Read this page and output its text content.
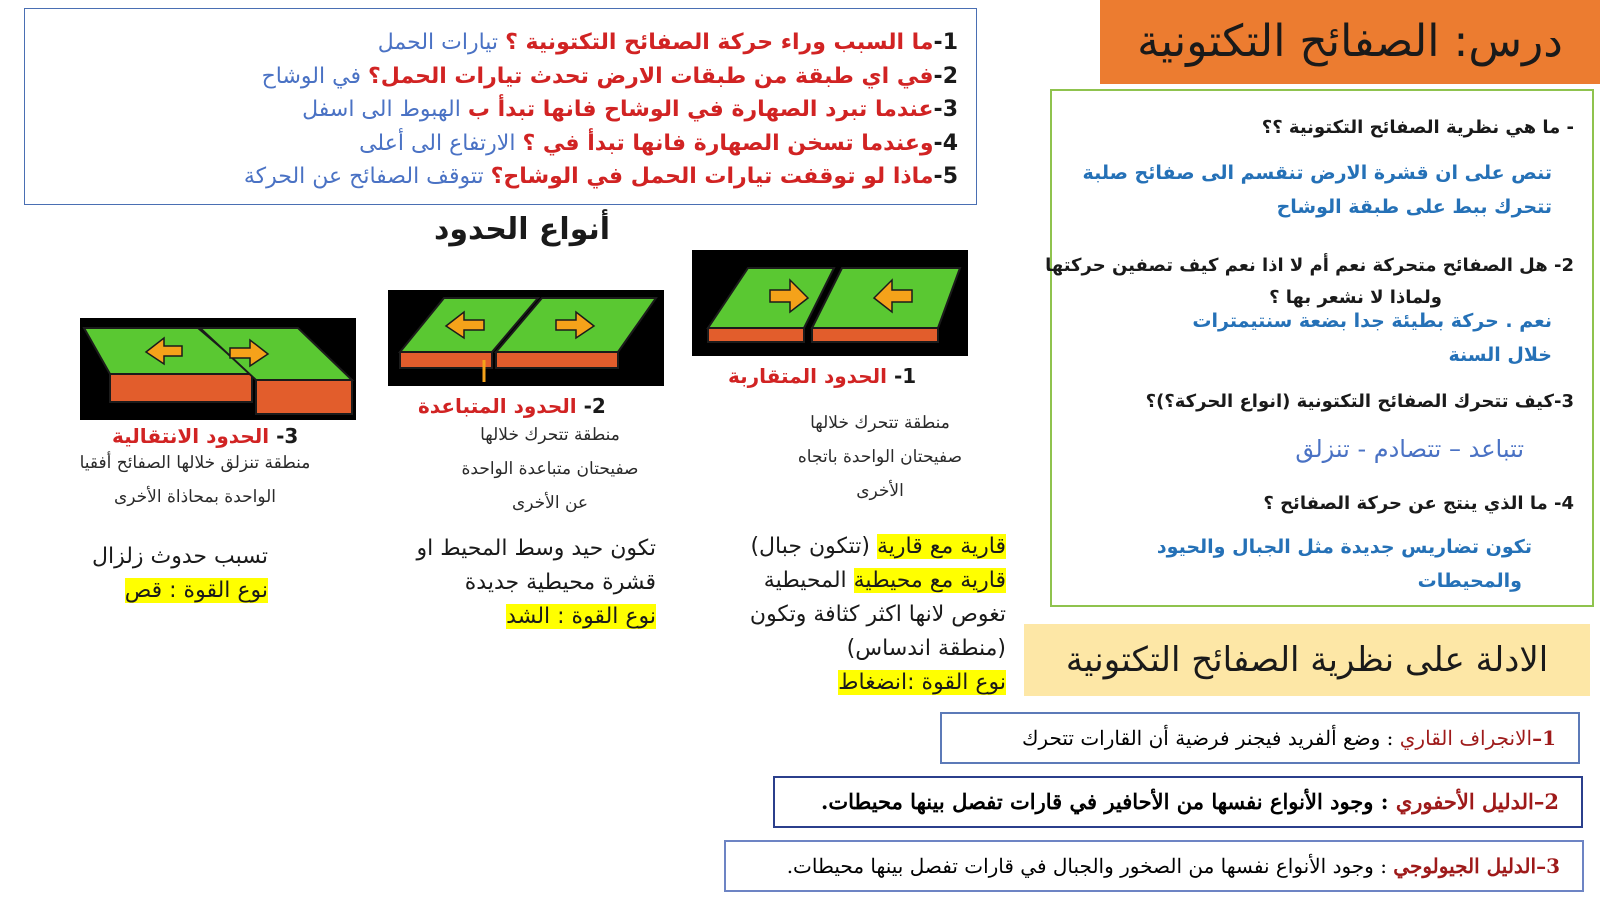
درس: الصفائح التكتونية
1-ما السبب وراء حركة الصفائح التكتونية ؟ تيارات الحمل
2-في اي طبقة من طبقات الارض تحدث تيارات الحمل؟ في الوشاح
3-عندما تبرد الصهارة في الوشاح فانها تبدأ ب الهبوط الى اسفل
4-وعندما تسخن الصهارة فانها تبدأ في ؟ الارتفاع الى أعلى
5-ماذا لو توقفت تيارات الحمل في الوشاح؟ تتوقف الصفائح عن الحركة
- ما هي نظرية الصفائح التكتونية ؟؟
تنص على ان قشرة الارض تنقسم الى صفائح صلبة
تتحرك ببط على طبقة الوشاح
2- هل الصفائح متحركة نعم أم لا اذا نعم كيف تصفين حركتها
ولماذا لا نشعر بها ؟
نعم . حركة بطيئة جدا بضعة سنتيمترات
خلال السنة
3-كيف تتحرك الصفائح التكتونية (انواع الحركة؟)؟
تتباعد – تتصادم - تنزلق
4- ما الذي ينتج عن حركة الصفائح ؟
تكون تضاريس جديدة مثل الجبال والحيود
والمحيطات
الادلة على نظرية الصفائح التكتونية
1–الانجراف القاري : وضع ألفريد فيجنر فرضية أن القارات تتحرك
2–الدليل الأحفوري : وجود الأنواع نفسها من الأحافير في قارات تفصل بينها محيطات.
3–الدليل الجيولوجي : وجود الأنواع نفسها من الصخور والجبال في قارات تفصل بينها محيطات.
أنواع الحدود
1- الحدود المتقاربة
منطقة تتحرك خلالها
صفيحتان الواحدة باتجاه
الأخرى
قارية مع قارية (تتكون جبال)
قارية مع محيطية المحيطية
تغوص لانها اكثر كثافة وتكون
(منطقة اندساس)
نوع القوة :انضغاط
2- الحدود المتباعدة
منطقة تتحرك خلالها
صفيحتان متباعدة الواحدة
عن الأخرى
تكون حيد وسط المحيط او
قشرة محيطية جديدة
نوع القوة : الشد
3- الحدود الانتقالية
منطقة تنزلق خلالها الصفائح أفقيا
الواحدة بمحاذاة الأخرى
تسبب حدوث زلزال
نوع القوة : قص
